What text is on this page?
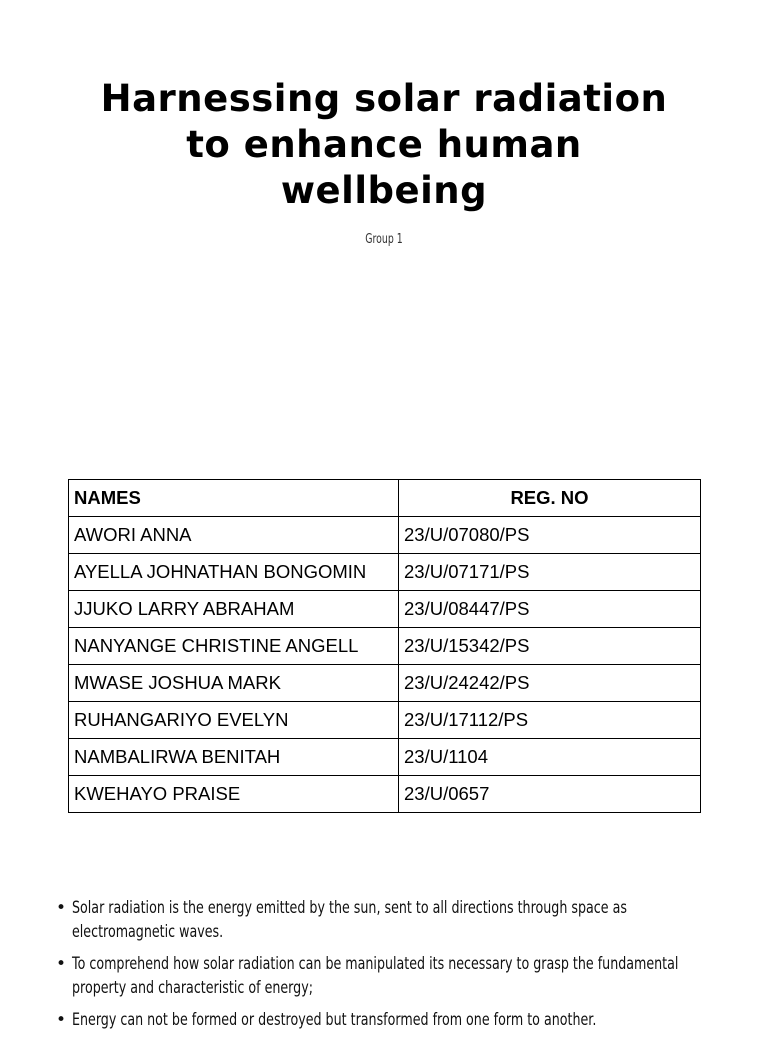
Harnessing solar radiation to enhance human wellbeing
Group 1
NAMES	REG. NO
AWORI ANNA	23/U/07080/PS
AYELLA JOHNATHAN BONGOMIN	23/U/07171/PS
JJUKO LARRY ABRAHAM	23/U/08447/PS
NANYANGE CHRISTINE ANGELL	23/U/15342/PS
MWASE JOSHUA MARK	23/U/24242/PS
RUHANGARIYO EVELYN	23/U/17112/PS
NAMBALIRWA BENITAH	23/U/1104
KWEHAYO PRAISE	23/U/0657
• Solar radiation is the energy emitted by the sun, sent to all directions through space as electromagnetic waves.
• To comprehend how solar radiation can be manipulated its necessary to grasp the fundamental property and characteristic of energy;
• Energy can not be formed or destroyed but transformed from one form to another.
